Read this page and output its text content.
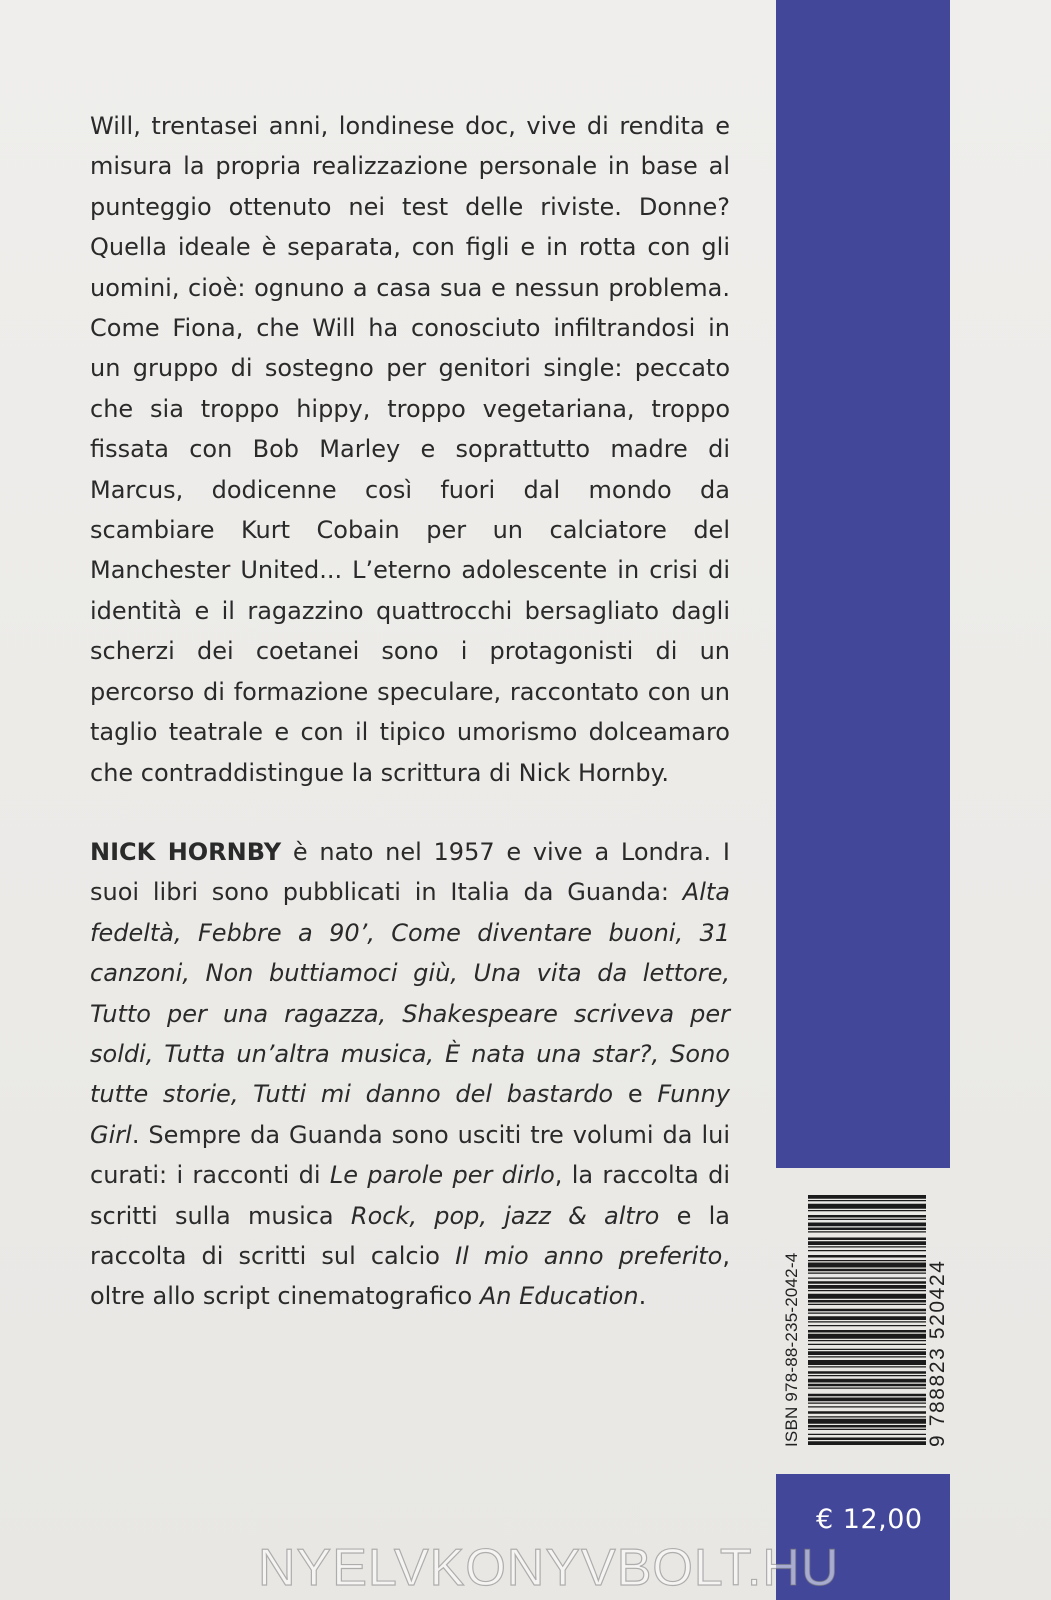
Will, trentasei anni, londinese doc, vive di rendita e misura la propria realizzazione personale in base al punteggio ottenuto nei test delle riviste. Donne? Quella ideale è separata, con figli e in rotta con gli uomini, cioè: ognuno a casa sua e nessun problema. Come Fiona, che Will ha conosciuto infiltrandosi in un gruppo di sostegno per genitori single: peccato che sia troppo hippy, troppo vegetariana, troppo fissata con Bob Marley e soprattutto madre di Marcus, dodicenne così fuori dal mondo da scambiare Kurt Cobain per un calciatore del Manchester United... L’eterno adolescente in crisi di identità e il ragazzino quattrocchi bersagliato dagli scherzi dei coetanei sono i protagonisti di un percorso di formazione speculare, raccontato con un taglio teatrale e con il tipico umorismo dolceamaro che contraddistingue la scrittura di Nick Hornby.
NICK HORNBY è nato nel 1957 e vive a Londra. I suoi libri sono pubblicati in Italia da Guanda: Alta fedeltà, Febbre a 90’, Come diventare buoni, 31 canzoni, Non buttiamoci giù, Una vita da lettore, Tutto per una ragazza, Shakespeare scriveva per soldi, Tutta un’altra musica, È nata una star?, Sono tutte storie, Tutti mi danno del bastardo e Funny Girl. Sempre da Guanda sono usciti tre volumi da lui curati: i racconti di Le parole per dirlo, la raccolta di scritti sulla musica Rock, pop, jazz & altro e la raccolta di scritti sul calcio Il mio anno preferito, oltre allo script cinematografico An Education.	ISBN 978-88-235-2042-4	9 788823 520424
€ 12,00
NYELVKONYVBOLT.HU
